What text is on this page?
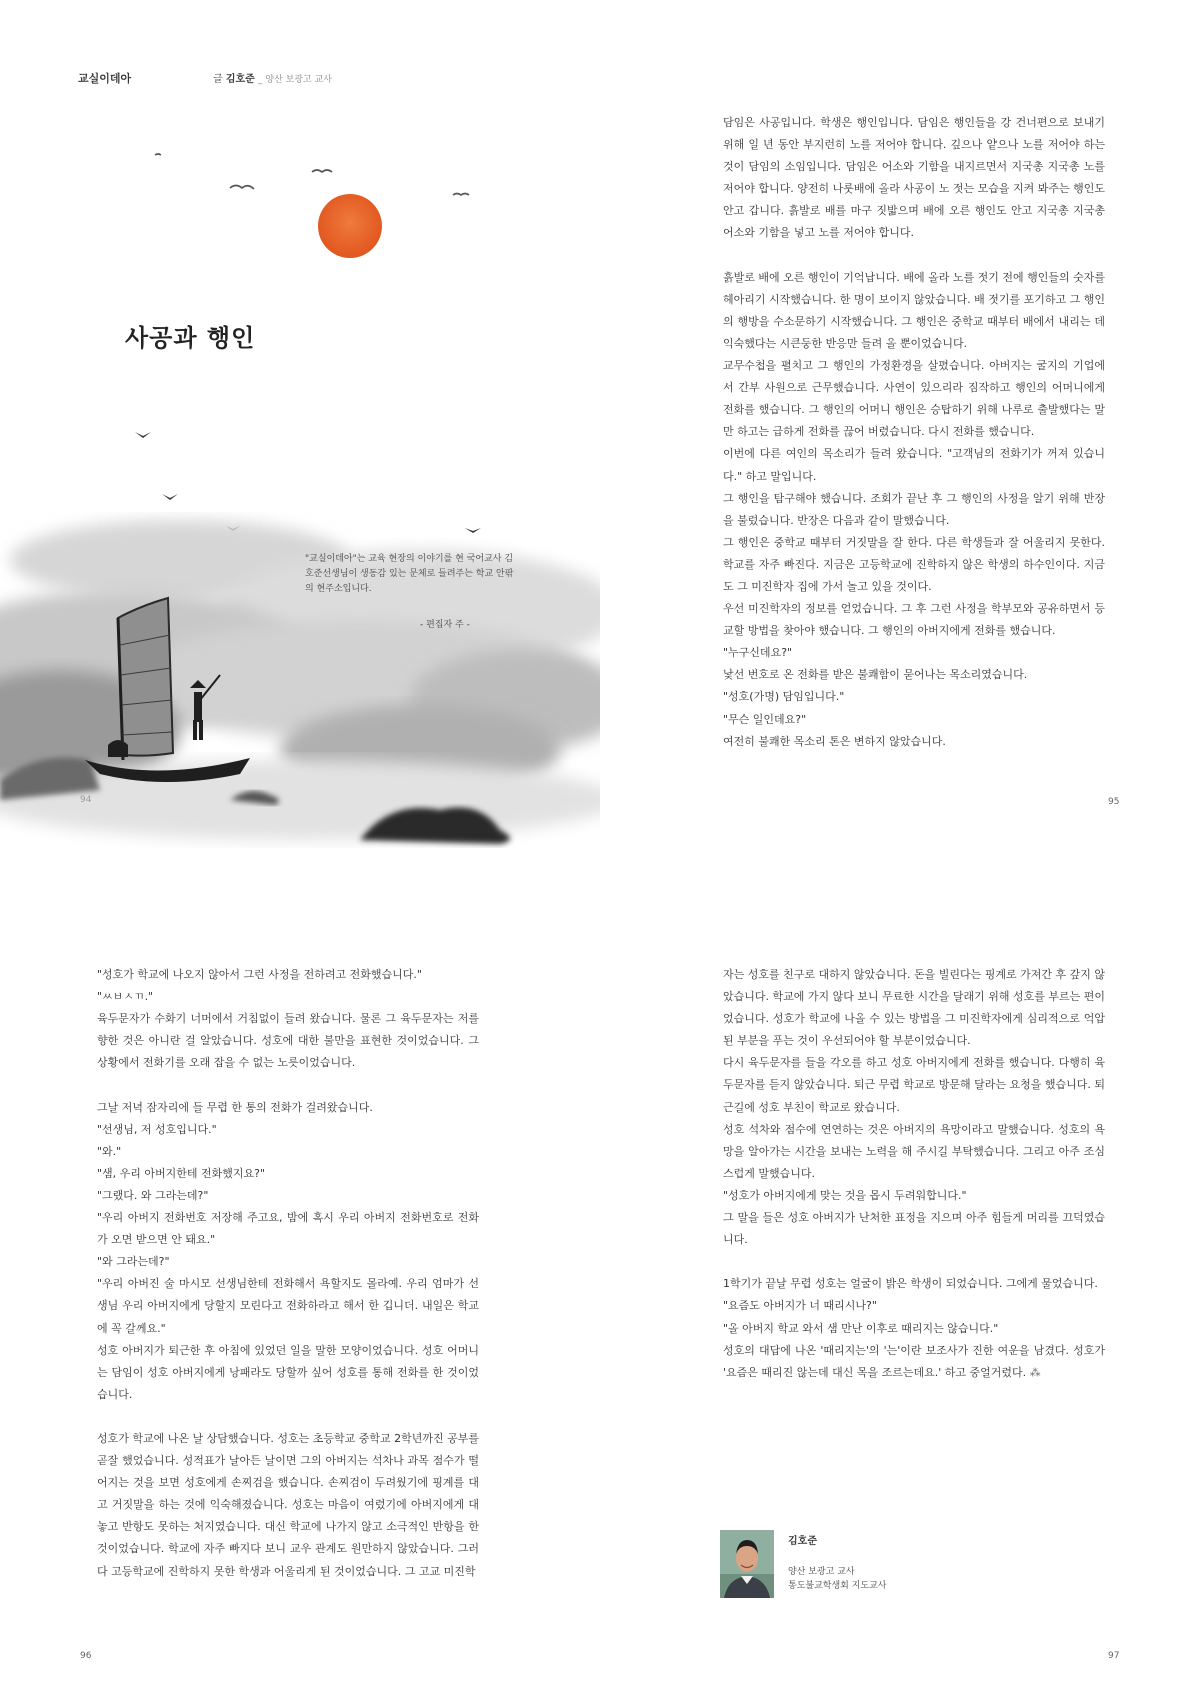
교실이데아	글 김호준 _ 양산 보광고 교사
사공과 행인
"교실이데아"는 교육 현장의 이야기를 현 국어교사 김호준선생님이 생동감 있는 문체로 들려주는 학교 안팎의 현주소입니다.
- 편집자 주 -

담임은 사공입니다. 학생은 행인입니다. 담임은 행인들을 강 건너편으로 보내기 위해 일 년 동안 부지런히 노를 저어야 합니다. 깊으나 얕으나 노를 저어야 하는 것이 담임의 소임입니다. 담임은 어소와 기함을 내지르면서 지국총 지국총 노를 저어야 합니다. 양전히 나룻배에 올라 사공이 노 젓는 모습을 지켜 봐주는 행인도 안고 갑니다. 흙발로 배를 마구 짓밟으며 배에 오른 행인도 안고 지국총 지국총 어소와 기함을 넣고 노를 저어야 합니다.

흙발로 배에 오른 행인이 기억납니다. 배에 올라 노를 젓기 전에 행인들의 숫자를 헤아리기 시작했습니다. 한 명이 보이지 않았습니다. 배 젓기를 포기하고 그 행인의 행방을 수소문하기 시작했습니다. 그 행인은 중학교 때부터 배에서 내리는 데 익숙했다는 시큰둥한 반응만 들려 올 뿐이었습니다.

교무수첩을 펼치고 그 행인의 가정환경을 살폈습니다. 아버지는 굴지의 기업에서 간부 사원으로 근무했습니다. 사연이 있으리라 짐작하고 행인의 어머니에게 전화를 했습니다. 그 행인의 어머니 행인은 승탑하기 위해 나루로 출발했다는 말만 하고는 급하게 전화를 끊어 버렸습니다. 다시 전화를 했습니다.

이번에 다른 여인의 목소리가 들려 왔습니다. "고객님의 전화기가 꺼져 있습니다." 하고 말입니다.

그 행인을 탐구해야 했습니다. 조회가 끝난 후 그 행인의 사정을 알기 위해 반장을 불렀습니다. 반장은 다음과 같이 말했습니다.

그 행인은 중학교 때부터 거짓말을 잘 한다. 다른 학생들과 잘 어울리지 못한다. 학교를 자주 빠진다. 지금은 고등학교에 진학하지 않은 학생의 하수인이다. 지금도 그 미진학자 집에 가서 놀고 있을 것이다.

우선 미진학자의 정보를 얻었습니다. 그 후 그런 사정을 학부모와 공유하면서 등교할 방법을 찾아야 했습니다. 그 행인의 아버지에게 전화를 했습니다.

"누구신데요?"

낯선 번호로 온 전화를 받은 불쾌함이 묻어나는 목소리였습니다.

"성호(가명) 담임입니다."

"무슨 일인데요?"

여전히 불쾌한 목소리 톤은 변하지 않았습니다.

"성호가 학교에 나오지 않아서 그런 사정을 전하려고 전화했습니다."

"ㅆㅂㅅㄲ."

육두문자가 수화기 너머에서 거침없이 들려 왔습니다. 물론 그 육두문자는 저를 향한 것은 아니란 걸 알았습니다. 성호에 대한 불만을 표현한 것이었습니다. 그 상황에서 전화기를 오래 잡을 수 없는 노릇이었습니다.

그날 저녁 잠자리에 들 무렵 한 통의 전화가 걸려왔습니다.

"선생님, 저 성호입니다."

"와."

"샘, 우리 아버지한테 전화했지요?"

"그랬다. 와 그라는데?"

"우리 아버지 전화번호 저장해 주고요, 밤에 혹시 우리 아버지 전화번호로 전화가 오면 받으면 안 돼요."

"와 그라는데?"

"우리 아버진 술 마시모 선생님한테 전화해서 욕할지도 몰라예. 우리 엄마가 선생님 우리 아버지에게 당할지 모린다고 전화하라고 해서 한 깁니더. 내일은 학교에 꼭 갈께요."

성호 아버지가 퇴근한 후 아침에 있었던 일을 말한 모양이었습니다. 성호 어머니는 담임이 성호 아버지에게 낭패라도 당할까 싶어 성호를 통해 전화를 한 것이었습니다.

성호가 학교에 나온 날 상담했습니다. 성호는 초등학교 중학교 2학년까진 공부를 곧잘 했었습니다. 성적표가 날아든 날이면 그의 아버지는 석차나 과목 점수가 떨어지는 것을 보면 성호에게 손찌검을 했습니다. 손찌검이 두려웠기에 핑계를 대고 거짓말을 하는 것에 익숙해졌습니다. 성호는 마음이 여렸기에 아버지에게 대놓고 반항도 못하는 처지였습니다. 대신 학교에 나가지 않고 소극적인 반항을 한 것이었습니다. 학교에 자주 빠지다 보니 교우 관계도 원만하지 않았습니다. 그러다 고등학교에 진학하지 못한 학생과 어울리게 된 것이었습니다. 그 고교 미진학

자는 성호를 친구로 대하지 않았습니다. 돈을 빌린다는 핑계로 가져간 후 갚지 않았습니다. 학교에 가지 않다 보니 무료한 시간을 달래기 위해 성호를 부르는 편이었습니다. 성호가 학교에 나올 수 있는 방법을 그 미진학자에게 심리적으로 억압된 부분을 푸는 것이 우선되어야 할 부분이었습니다.

다시 육두문자를 들을 각오를 하고 성호 아버지에게 전화를 했습니다. 다행히 육두문자를 듣지 않았습니다. 퇴근 무렵 학교로 방문해 달라는 요청을 했습니다. 퇴근길에 성호 부친이 학교로 왔습니다.

성호 석차와 점수에 연연하는 것은 아버지의 욕망이라고 말했습니다. 성호의 욕망을 알아가는 시간을 보내는 노력을 해 주시길 부탁했습니다. 그리고 아주 조심스럽게 말했습니다.

"성호가 아버지에게 맞는 것을 몹시 두려워합니다."

그 말을 들은 성호 아버지가 난처한 표정을 지으며 아주 힘들게 머리를 끄덕였습니다.

1학기가 끝날 무렵 성호는 얼굴이 밝은 학생이 되었습니다. 그에게 물었습니다.

"요즘도 아버지가 너 때리시나?"

"올 아버지 학교 와서 샘 만난 이후로 때리지는 않습니다."

성호의 대답에 나온 '때리지는'의 '는'이란 보조사가 진한 여운을 남겼다. 성호가 '요즘은 때리진 않는데 대신 목을 조르는데요.' 하고 중얼거렸다. ⁂

김호준
양산 보광고 교사
통도불교학생회 지도교사
94	95
96	97
